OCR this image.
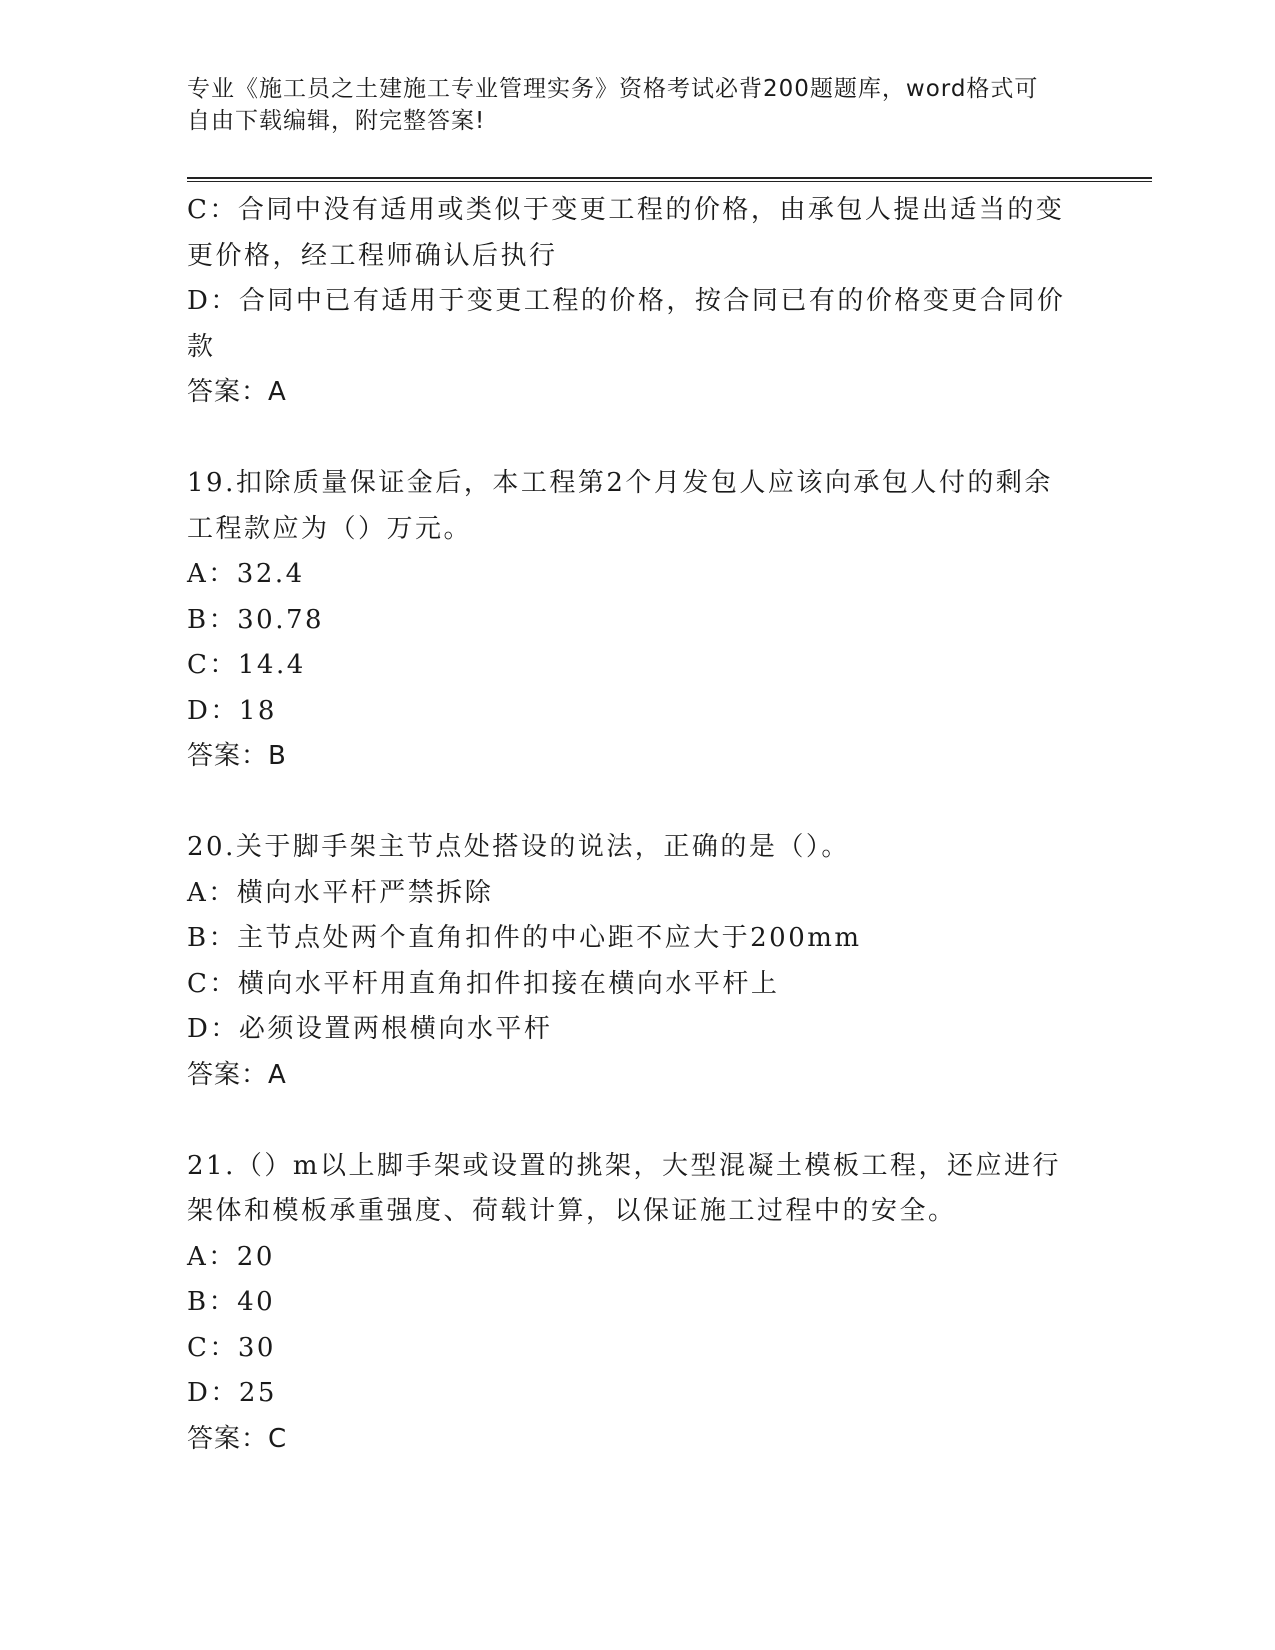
专业《施工员之土建施工专业管理实务》资格考试必背200题题库，word格式可
自由下载编辑，附完整答案!
C：合同中没有适用或类似于变更工程的价格，由承包人提出适当的变
更价格，经工程师确认后执行
D：合同中已有适用于变更工程的价格，按合同已有的价格变更合同价
款
答案：A
19.扣除质量保证金后，本工程第2个月发包人应该向承包人付的剩余
工程款应为（）万元。
A：32.4
B：30.78
C：14.4
D：18
答案：B
20.关于脚手架主节点处搭设的说法，正确的是（）。
A：横向水平杆严禁拆除
B：主节点处两个直角扣件的中心距不应大于200mm
C：横向水平杆用直角扣件扣接在横向水平杆上
D：必须设置两根横向水平杆
答案：A
21.（）m以上脚手架或设置的挑架，大型混凝土模板工程，还应进行
架体和模板承重强度、荷载计算，以保证施工过程中的安全。
A：20
B：40
C：30
D：25
答案：C
